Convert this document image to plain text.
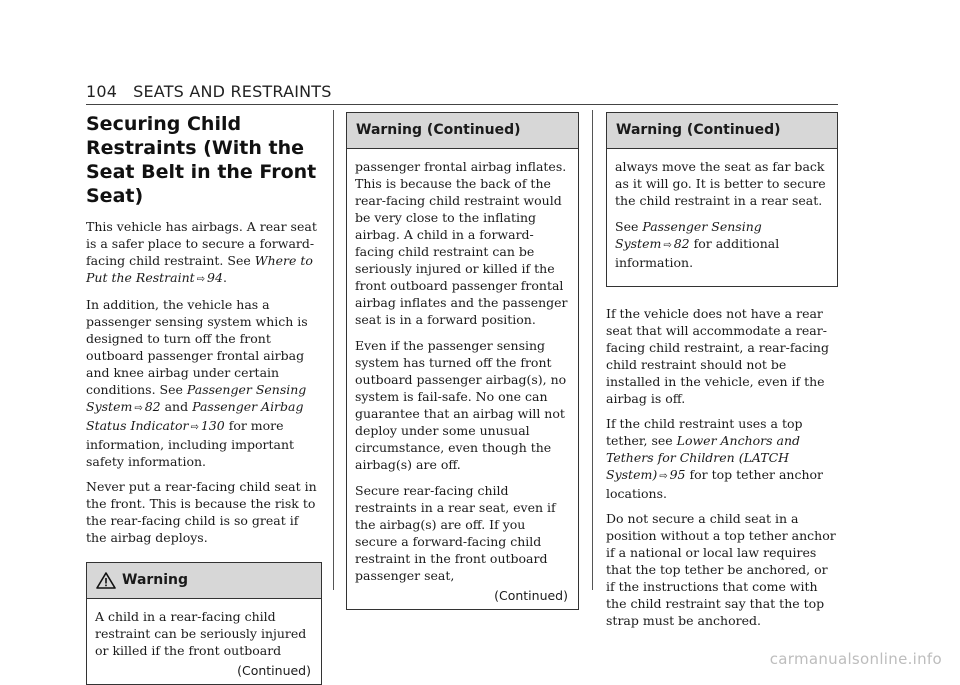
104 SEATS AND RESTRAINTS
Securing Child Restraints (With the Seat Belt in the Front Seat)

This vehicle has airbags. A rear seat is a safer place to secure a forward-facing child restraint. See Where to Put the Restraint ⇨ 94.

In addition, the vehicle has a passenger sensing system which is designed to turn off the front outboard passenger frontal airbag and knee airbag under certain conditions. See Passenger Sensing System ⇨ 82 and Passenger Airbag Status Indicator ⇨ 130 for more information, including important safety information.

Never put a rear-facing child seat in the front. This is because the risk to the rear-facing child is so great if the airbag deploys.

Warning

A child in a rear-facing child restraint can be seriously injured or killed if the front outboard

(Continued)
Warning (Continued)

passenger frontal airbag inflates. This is because the back of the rear-facing child restraint would be very close to the inflating airbag. A child in a forward-facing child restraint can be seriously injured or killed if the front outboard passenger frontal airbag inflates and the passenger seat is in a forward position.

Even if the passenger sensing system has turned off the front outboard passenger airbag(s), no system is fail-safe. No one can guarantee that an airbag will not deploy under some unusual circumstance, even though the airbag(s) are off.

Secure rear-facing child restraints in a rear seat, even if the airbag(s) are off. If you secure a forward-facing child restraint in the front outboard passenger seat,

(Continued)
Warning (Continued)

always move the seat as far back as it will go. It is better to secure the child restraint in a rear seat.

See Passenger Sensing System ⇨ 82 for additional information.

If the vehicle does not have a rear seat that will accommodate a rear-facing child restraint, a rear-facing child restraint should not be installed in the vehicle, even if the airbag is off.

If the child restraint uses a top tether, see Lower Anchors and Tethers for Children (LATCH System) ⇨ 95 for top tether anchor locations.

Do not secure a child seat in a position without a top tether anchor if a national or local law requires that the top tether be anchored, or if the instructions that come with the child restraint say that the top strap must be anchored.

carmanualsonline.info
